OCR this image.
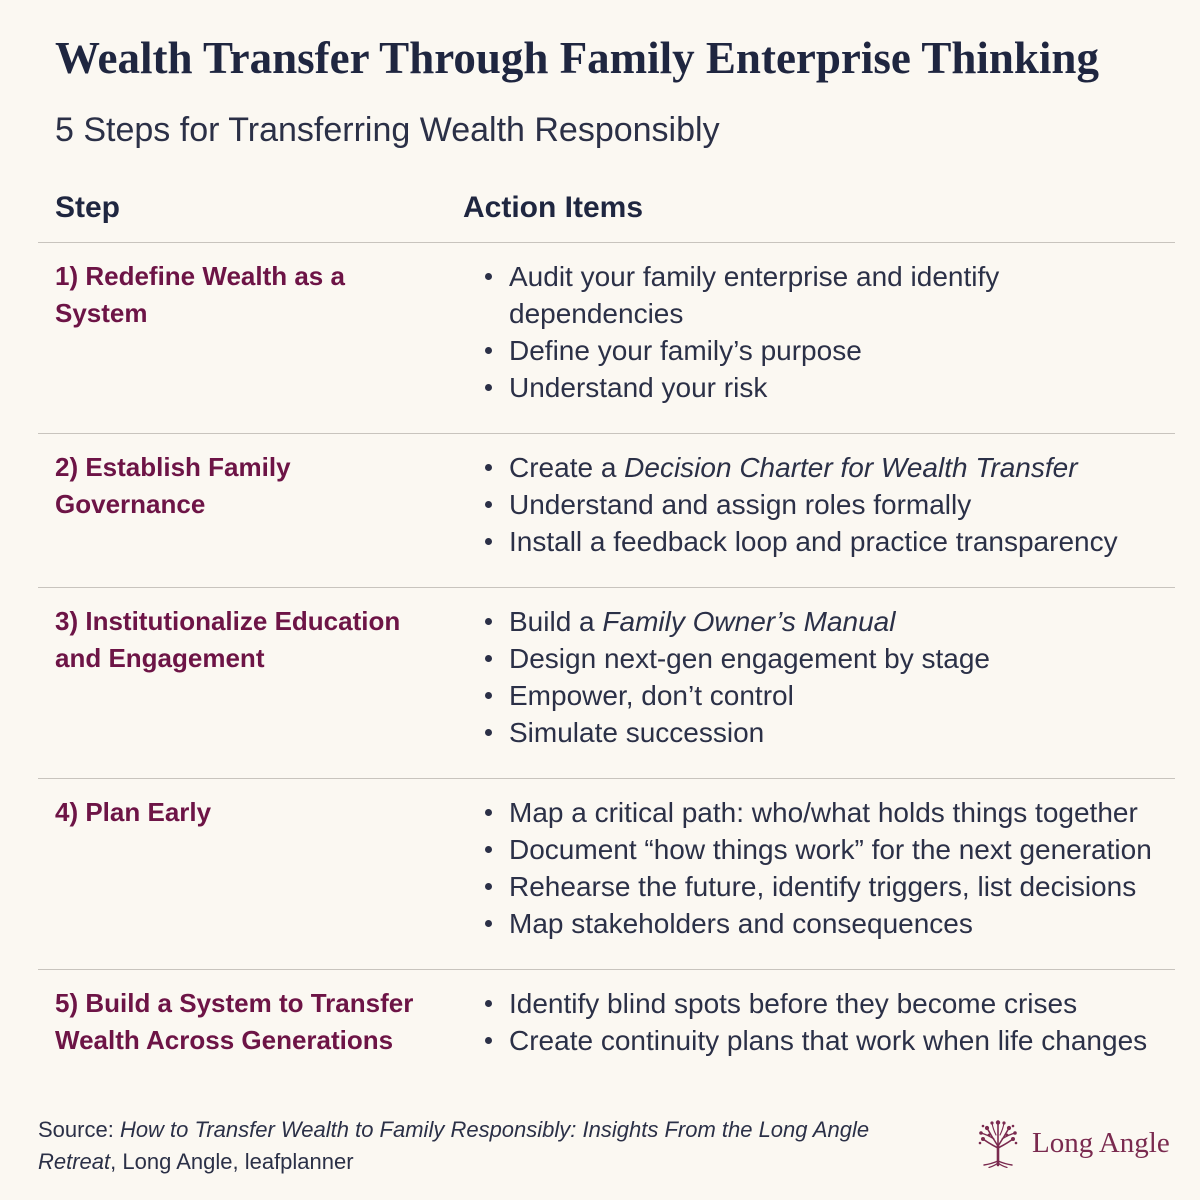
Wealth Transfer Through Family Enterprise Thinking
5 Steps for Transferring Wealth Responsibly
Step	Action Items
1) Redefine Wealth as a System
Audit your family enterprise and identify dependencies
Define your family’s purpose
Understand your risk
2) Establish Family Governance
Create a Decision Charter for Wealth Transfer
Understand and assign roles formally
Install a feedback loop and practice transparency
3) Institutionalize Education and Engagement
Build a Family Owner’s Manual
Design next-gen engagement by stage
Empower, don’t control
Simulate succession
4) Plan Early	Map a critical path: who/what holds things together
Document “how things work” for the next generation
Rehearse the future, identify triggers, list decisions
Map stakeholders and consequences
5) Build a System to Transfer Wealth Across Generations
Identify blind spots before they become crises
Create continuity plans that work when life changes
Source: How to Transfer Wealth to Family Responsibly: Insights From the Long Angle Retreat, Long Angle, leafplanner
Long Angle
